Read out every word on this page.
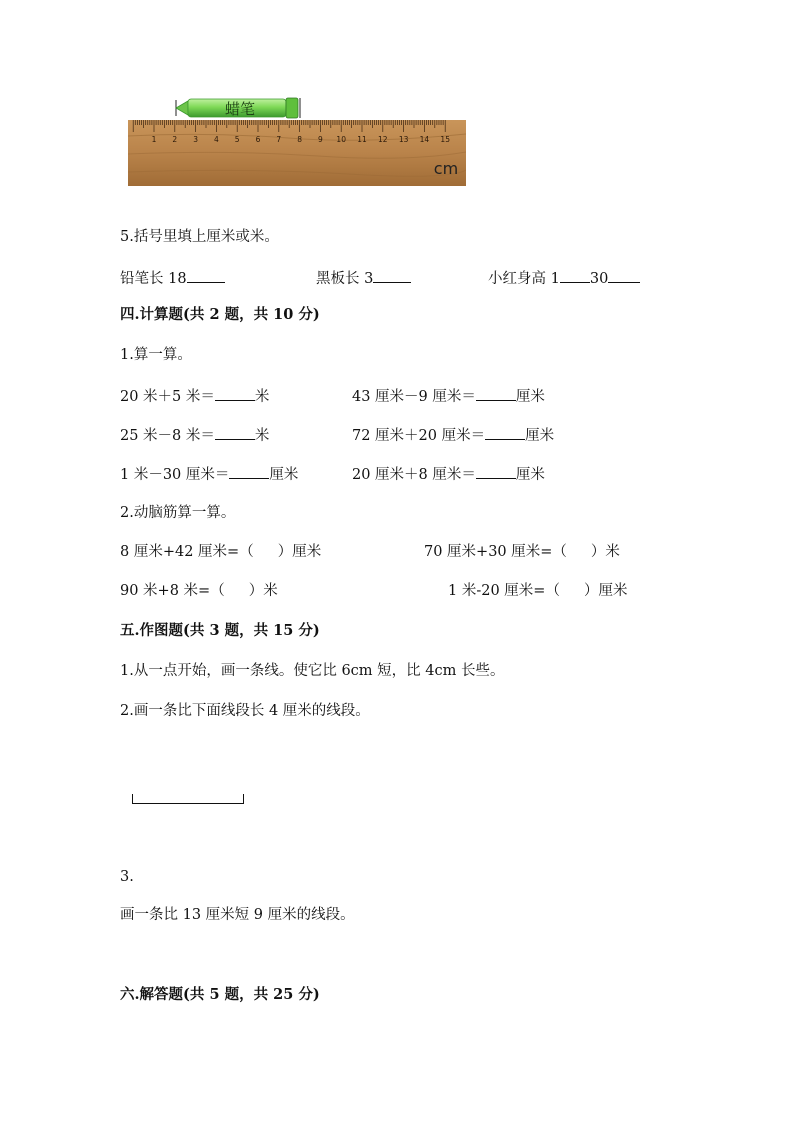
蜡笔
1 2 3 4 5 6 7 8 9 10 11 12 13 14 15
cm
5.括号里填上厘米或米。
铅笔长 18	黑板长 3	小红身高 1 30
四.计算题(共 2 题，共 10 分)
1.算一算。
20 米＋5 米＝	米	43 厘米－9 厘米＝	厘米
25 米－8 米＝	米	72 厘米＋20 厘米＝	厘米
1 米－30 厘米＝	厘米	20 厘米＋8 厘米＝	厘米
2.动脑筋算一算。
8 厘米+42 厘米=（ ）厘米	70 厘米+30 厘米=（ ）米
90 米+8 米=（ ）米	1 米-20 厘米=（ ）厘米
五.作图题(共 3 题，共 15 分)
1.从一点开始，画一条线。使它比 6cm 短，比 4cm 长些。
2.画一条比下面线段长 4 厘米的线段。
3.
画一条比 13 厘米短 9 厘米的线段。
六.解答题(共 5 题，共 25 分)
